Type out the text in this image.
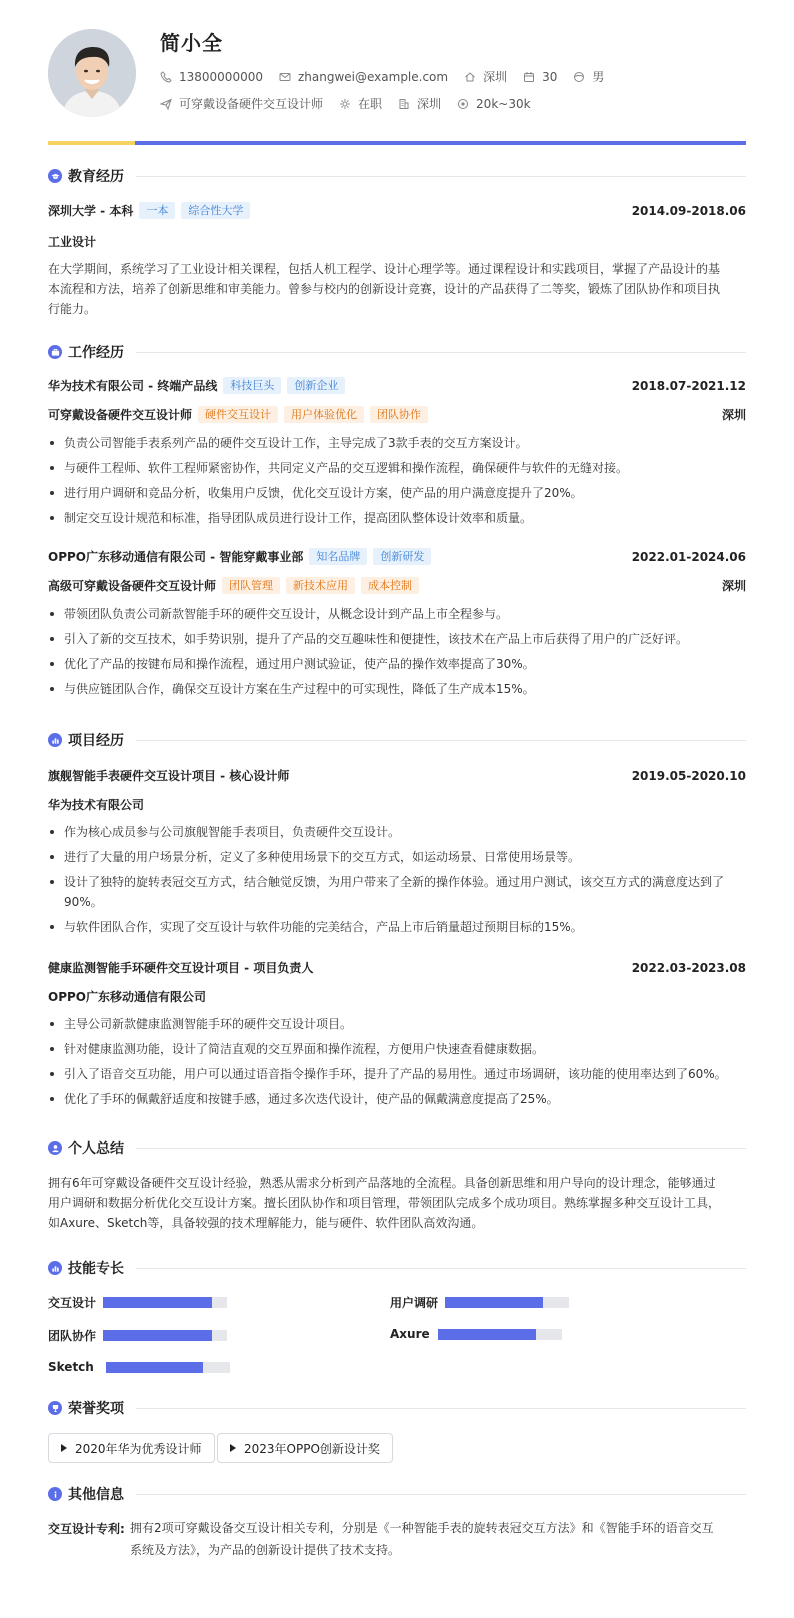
简小全
13800000000	zhangwei@example.com	深圳	30	男
可穿戴设备硬件交互设计师	在职	深圳	20k~30k
教育经历
深圳大学 - 本科	一本	综合性大学	2014.09-2018.06
工业设计
在大学期间，系统学习了工业设计相关课程，包括人机工程学、设计心理学等。通过课程设计和实践项目，掌握了产品设计的基本流程和方法，培养了创新思维和审美能力。曾参与校内的创新设计竞赛，设计的产品获得了二等奖，锻炼了团队协作和项目执行能力。
工作经历
华为技术有限公司 - 终端产品线	科技巨头	创新企业	2018.07-2021.12
可穿戴设备硬件交互设计师	硬件交互设计	用户体验优化	团队协作	深圳
负责公司智能手表系列产品的硬件交互设计工作，主导完成了3款手表的交互方案设计。
与硬件工程师、软件工程师紧密协作，共同定义产品的交互逻辑和操作流程，确保硬件与软件的无缝对接。
进行用户调研和竞品分析，收集用户反馈，优化交互设计方案，使产品的用户满意度提升了20%。
制定交互设计规范和标准，指导团队成员进行设计工作，提高团队整体设计效率和质量。
OPPO广东移动通信有限公司 - 智能穿戴事业部	知名品牌	创新研发	2022.01-2024.06
高级可穿戴设备硬件交互设计师	团队管理	新技术应用	成本控制	深圳
带领团队负责公司新款智能手环的硬件交互设计，从概念设计到产品上市全程参与。
引入了新的交互技术，如手势识别，提升了产品的交互趣味性和便捷性，该技术在产品上市后获得了用户的广泛好评。
优化了产品的按键布局和操作流程，通过用户测试验证，使产品的操作效率提高了30%。
与供应链团队合作，确保交互设计方案在生产过程中的可实现性，降低了生产成本15%。
项目经历
旗舰智能手表硬件交互设计项目 - 核心设计师	2019.05-2020.10
华为技术有限公司
作为核心成员参与公司旗舰智能手表项目，负责硬件交互设计。
进行了大量的用户场景分析，定义了多种使用场景下的交互方式，如运动场景、日常使用场景等。
设计了独特的旋转表冠交互方式，结合触觉反馈，为用户带来了全新的操作体验。通过用户测试，该交互方式的满意度达到了90%。
与软件团队合作，实现了交互设计与软件功能的完美结合，产品上市后销量超过预期目标的15%。
健康监测智能手环硬件交互设计项目 - 项目负责人	2022.03-2023.08
OPPO广东移动通信有限公司
主导公司新款健康监测智能手环的硬件交互设计项目。
针对健康监测功能，设计了简洁直观的交互界面和操作流程，方便用户快速查看健康数据。
引入了语音交互功能，用户可以通过语音指令操作手环，提升了产品的易用性。通过市场调研，该功能的使用率达到了60%。
优化了手环的佩戴舒适度和按键手感，通过多次迭代设计，使产品的佩戴满意度提高了25%。
个人总结
拥有6年可穿戴设备硬件交互设计经验，熟悉从需求分析到产品落地的全流程。具备创新思维和用户导向的设计理念，能够通过用户调研和数据分析优化交互设计方案。擅长团队协作和项目管理，带领团队完成多个成功项目。熟练掌握多种交互设计工具，如Axure、Sketch等，具备较强的技术理解能力，能与硬件、软件团队高效沟通。
技能专长
交互设计	用户调研
团队协作	Axure
Sketch
荣誉奖项
2020年华为优秀设计师	2023年OPPO创新设计奖
其他信息
交互设计专利: 拥有2项可穿戴设备交互设计相关专利，分别是《一种智能手表的旋转表冠交互方法》和《智能手环的语音交互系统及方法》，为产品的创新设计提供了技术支持。
